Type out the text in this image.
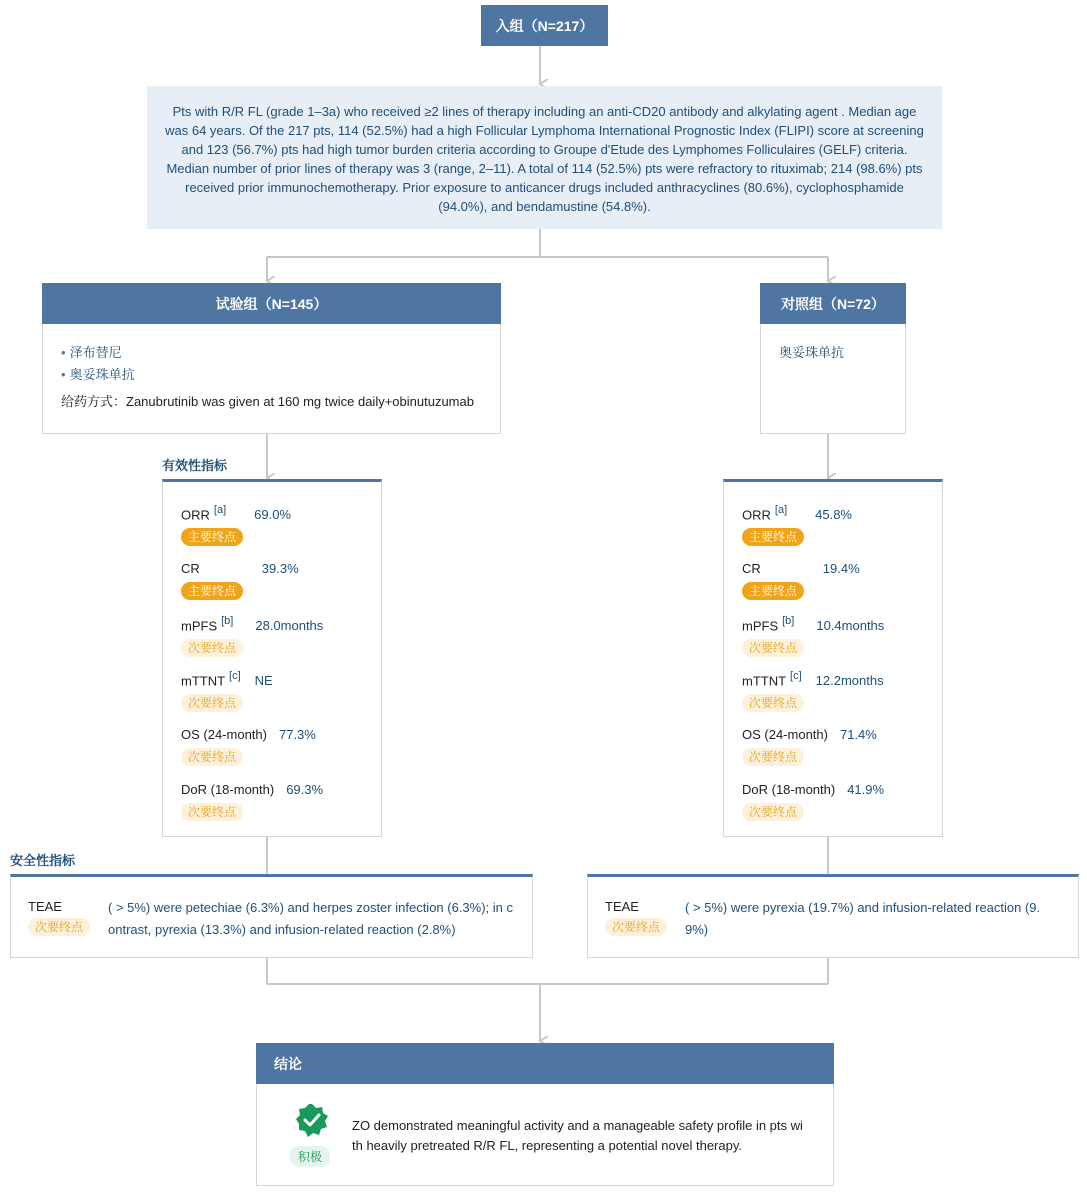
入组（N=217）
Pts with R/R FL (grade 1–3a) who received ≥2 lines of therapy including an anti-CD20 antibody and alkylating agent . Median age was 64 years. Of the 217 pts, 114 (52.5%) had a high Follicular Lymphoma International Prognostic Index (FLIPI) score at screening and 123 (56.7%) pts had high tumor burden criteria according to Groupe d'Etude des Lymphomes Folliculaires (GELF) criteria. Median number of prior lines of therapy was 3 (range, 2–11). A total of 114 (52.5%) pts were refractory to rituximab; 214 (98.6%) pts received prior immunochemotherapy. Prior exposure to anticancer drugs included anthracyclines (80.6%), cyclophosphamide (94.0%), and bendamustine (54.8%).
试验组（N=145）
• 泽布替尼
• 奥妥珠单抗
给药方式：Zanubrutinib was given at 160 mg twice daily+obinutuzumab
对照组（N=72）
奥妥珠单抗
有效性指标
ORR [a] 69.0%
主要终点
CR	39.3%
主要终点
mPFS [b] 28.0months
次要终点
mTTNT [c] NE
次要终点
OS (24-month) 77.3%
次要终点
DoR (18-month) 69.3%
次要终点
ORR [a] 45.8%
主要终点
CR	19.4%
主要终点
mPFS [b] 10.4months
次要终点
mTTNT [c] 12.2months
次要终点
OS (24-month) 71.4%
次要终点
DoR (18-month) 41.9%
次要终点
安全性指标
TEAE
次要终点
( > 5%) were petechiae (6.3%) and herpes zoster infection (6.3%); in c
ontrast, pyrexia (13.3%) and infusion-related reaction (2.8%)
TEAE
次要终点
( > 5%) were pyrexia (19.7%) and infusion-related reaction (9.
9%)
结论
积极
ZO demonstrated meaningful activity and a manageable safety profile in pts wi
th heavily pretreated R/R FL, representing a potential novel therapy.
